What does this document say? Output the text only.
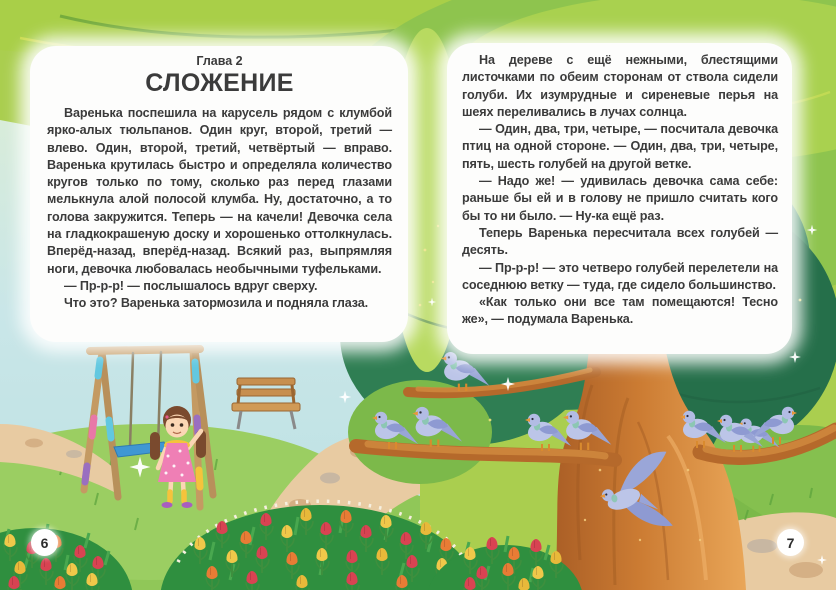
Глава 2
СЛОЖЕНИЕ

Варенька поспешила на карусель рядом с клумбой ярко-алых тюльпанов. Один круг, второй, третий — влево. Один, второй, третий, четвёртый — вправо. Варенька крутилась быстро и определяла количество кругов только по тому, сколько раз перед глазами мелькнула алой полосой клумба. Ну, достаточно, а то голова закружится. Теперь — на качели! Девочка села на гладкокрашеную доску и хорошенько оттолкнулась. Вперёд-назад, вперёд-назад. Всякий раз, выпрямляя ноги, девочка любовалась необычными туфельками.

— Пр-р-р! — послышалось вдруг сверху.

Что это? Варенька затормозила и подняла глаза.

На дереве с ещё нежными, блестящими листочками по обеим сторонам от ствола сидели голуби. Их изумрудные и сиреневые перья на шеях переливались в лучах солнца.

— Один, два, три, четыре, — посчитала девочка птиц на одной стороне. — Один, два, три, четыре, пять, шесть голубей на другой ветке.

— Надо же! — удивилась девочка сама себе: раньше бы ей и в голову не пришло считать кого бы то ни было. — Ну-ка ещё раз.

Теперь Варенька пересчитала всех голубей — десять.

— Пр-р-р! — это четверо голубей перелетели на соседнюю ветку — туда, где сидело большинство.

«Как только они все там помещаются! Тесно же», — подумала Варенька.

6	7
